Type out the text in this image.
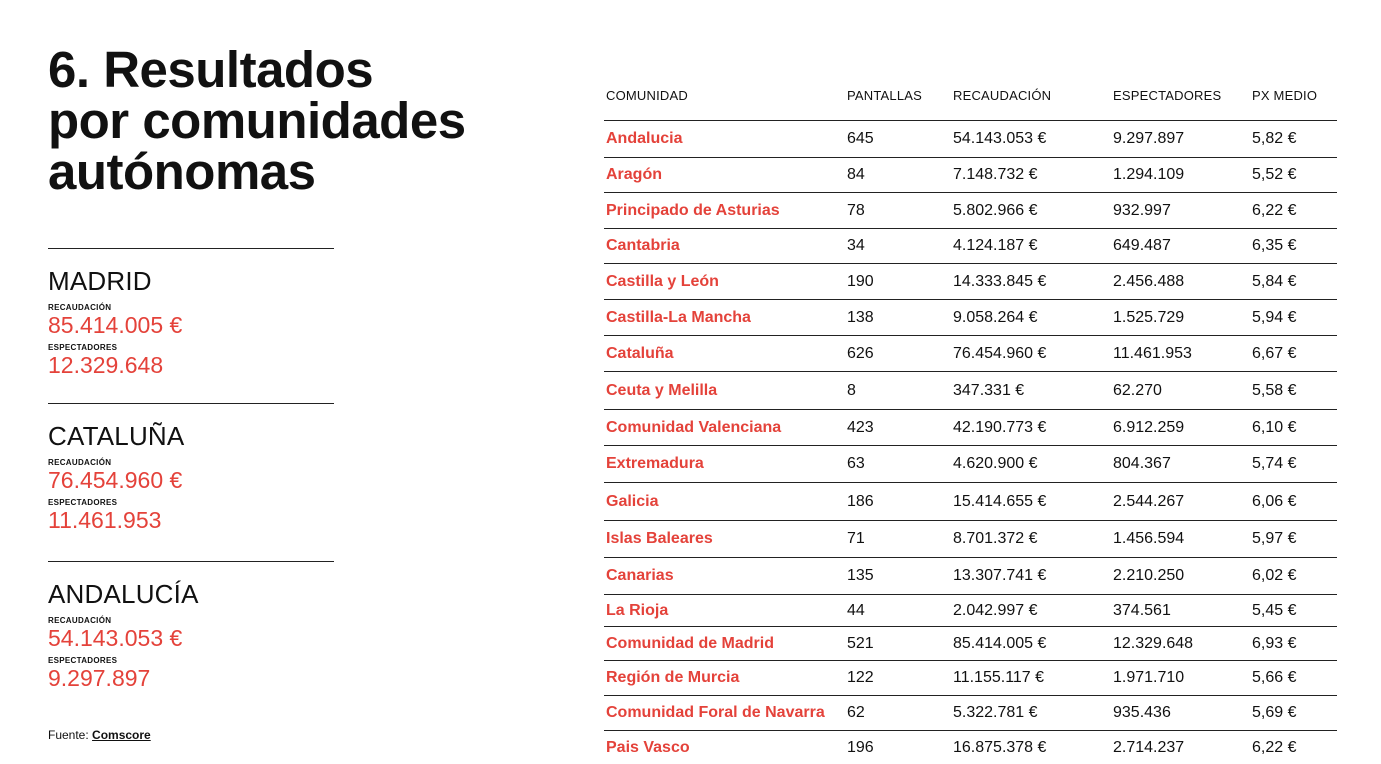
6. Resultados
por comunidades
autónomas
MADRID
RECAUDACIÓN
85.414.005 €
ESPECTADORES
12.329.648
CATALUÑA
RECAUDACIÓN
76.454.960 €
ESPECTADORES
11.461.953
ANDALUCÍA
RECAUDACIÓN
54.143.053 €
ESPECTADORES
9.297.897
Fuente: Comscore
COMUNIDAD	PANTALLAS	RECAUDACIÓN	ESPECTADORES	PX MEDIO
Andalucia	645	54.143.053 €	9.297.897	5,82 €
Aragón	84	7.148.732 €	1.294.109	5,52 €
Principado de Asturias	78	5.802.966 €	932.997	6,22 €
Cantabria	34	4.124.187 €	649.487	6,35 €
Castilla y León	190	14.333.845 €	2.456.488	5,84 €
Castilla-La Mancha	138	9.058.264 €	1.525.729	5,94 €
Cataluña	626	76.454.960 €	11.461.953	6,67 €
Ceuta y Melilla	8	347.331 €	62.270	5,58 €
Comunidad Valenciana	423	42.190.773 €	6.912.259	6,10 €
Extremadura	63	4.620.900 €	804.367	5,74 €
Galicia	186	15.414.655 €	2.544.267	6,06 €
Islas Baleares	71	8.701.372 €	1.456.594	5,97 €
Canarias	135	13.307.741 €	2.210.250	6,02 €
La Rioja	44	2.042.997 €	374.561	5,45 €
Comunidad de Madrid	521	85.414.005 €	12.329.648	6,93 €
Región de Murcia	122	11.155.117 €	1.971.710	5,66 €
Comunidad Foral de Navarra	62	5.322.781 €	935.436	5,69 €
Pais Vasco	196	16.875.378 €	2.714.237	6,22 €
